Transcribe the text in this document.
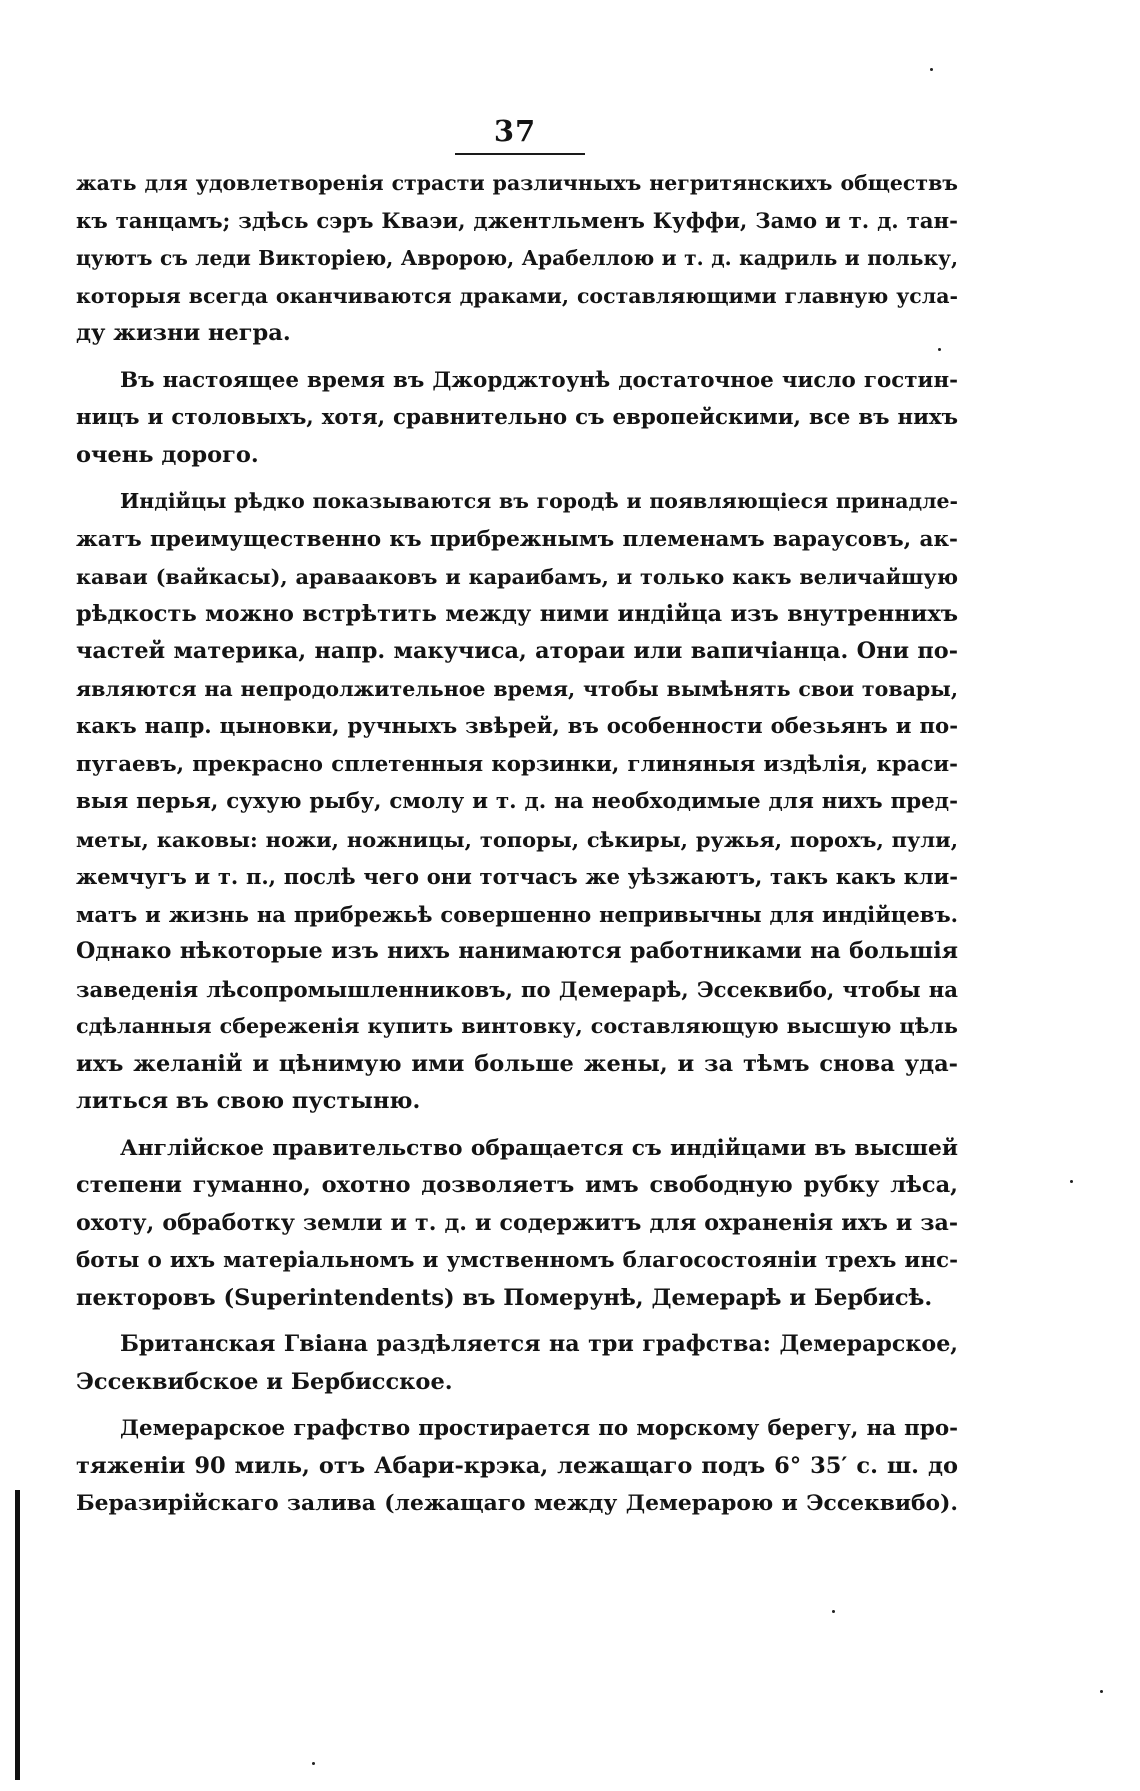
37
жать для удовлетворенія страсти различныхъ негритянскихъ обществъ
къ танцамъ; здѣсь сэръ Кваэи, джентльменъ Куффи, Замо и т. д. тан-
цуютъ съ леди Викторіею, Авророю, Арабеллою и т. д. кадриль и польку,
которыя всегда оканчиваются драками, составляющими главную усла-
ду жизни негра.
Въ настоящее время въ Джорджтоунѣ достаточное число гостин-
ницъ и столовыхъ, хотя, сравнительно съ европейскими, все въ нихъ
очень дорого.
Индійцы рѣдко показываются въ городѣ и появляющіеся принадле-
жатъ преимущественно къ прибрежнымъ племенамъ варауcовъ, ак-
каваи (вайкасы), араваaковъ и караибамъ, и только какъ величайшую
рѣдкость можно встрѣтить между ними индійца изъ внутреннихъ
частей материка, напр. макучиса, атораи или вапичіанца. Они по-
являются на непродолжительное время, чтобы вымѣнять свои товары,
какъ напр. цыновки, ручныхъ звѣрей, въ особенности обезьянъ и по-
пугаевъ, прекрасно сплетенныя корзинки, глиняныя издѣлія, краси-
выя перья, сухую рыбу, смолу и т. д. на необходимые для нихъ пред-
меты, каковы: ножи, ножницы, топоры, сѣкиры, ружья, порохъ, пули,
жемчугъ и т. п., послѣ чего они тотчасъ же уѣзжаютъ, такъ какъ кли-
матъ и жизнь на прибрежьѣ совершенно непривычны для индійцевъ.
Однако нѣкоторые изъ нихъ нанимаются работниками на большія
заведенія лѣсопромышленниковъ, по Демерарѣ, Эссеквибо, чтобы на
сдѣланныя сбереженія купить винтовку, составляющую высшую цѣль
ихъ желаній и цѣнимую ими больше жены, и за тѣмъ снова уда-
литься въ свою пустыню.
Англійское правительство обращается съ индійцами въ высшей
степени гуманно, охотно дозволяетъ имъ свободную рубку лѣса,
охоту, обработку земли и т. д. и содержитъ для охраненія ихъ и за-
боты о ихъ матеріальномъ и умственномъ благосостояніи трехъ инс-
пекторовъ (Superintendents) въ Померунѣ, Демерарѣ и Бербисѣ.
Британская Гвіана раздѣляется на три графства: Демерарское,
Эссеквибское и Бербисское.
Демерарское графство простирается по морскому берегу, на про-
тяженіи 90 миль, отъ Абари-крэка, лежащаго подъ 6° 35′ с. ш. до
Беразирійскаго залива (лежащаго между Демерарою и Эссеквибо).
